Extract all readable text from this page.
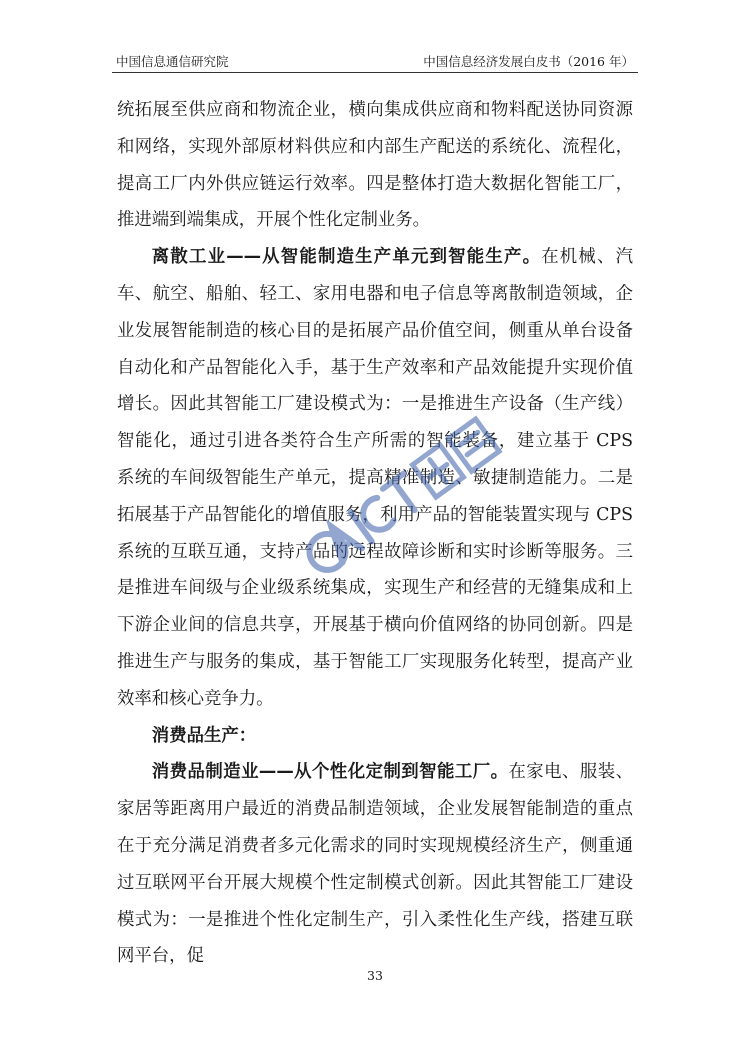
中国信息通信研究院	中国信息经济发展白皮书（2016 年）

统拓展至供应商和物流企业，横向集成供应商和物料配送协同资源和网络，实现外部原材料供应和内部生产配送的系统化、流程化，提高工厂内外供应链运行效率。四是整体打造大数据化智能工厂，推进端到端集成，开展个性化定制业务。

离散工业——从智能制造生产单元到智能生产。在机械、汽车、航空、船舶、轻工、家用电器和电子信息等离散制造领域，企业发展智能制造的核心目的是拓展产品价值空间，侧重从单台设备自动化和产品智能化入手，基于生产效率和产品效能提升实现价值增长。因此其智能工厂建设模式为：一是推进生产设备（生产线）智能化，通过引进各类符合生产所需的智能装备，建立基于 CPS 系统的车间级智能生产单元，提高精准制造、敏捷制造能力。二是拓展基于产品智能化的增值服务，利用产品的智能装置实现与 CPS 系统的互联互通，支持产品的远程故障诊断和实时诊断等服务。三是推进车间级与企业级系统集成，实现生产和经营的无缝集成和上下游企业间的信息共享，开展基于横向价值网络的协同创新。四是推进生产与服务的集成，基于智能工厂实现服务化转型，提高产业效率和核心竞争力。

消费品生产：

消费品制造业——从个性化定制到智能工厂。在家电、服装、家居等距离用户最近的消费品制造领域，企业发展智能制造的重点在于充分满足消费者多元化需求的同时实现规模经济生产，侧重通过互联网平台开展大规模个性定制模式创新。因此其智能工厂建设模式为：一是推进个性化定制生产，引入柔性化生产线，搭建互联网平台，促

33
